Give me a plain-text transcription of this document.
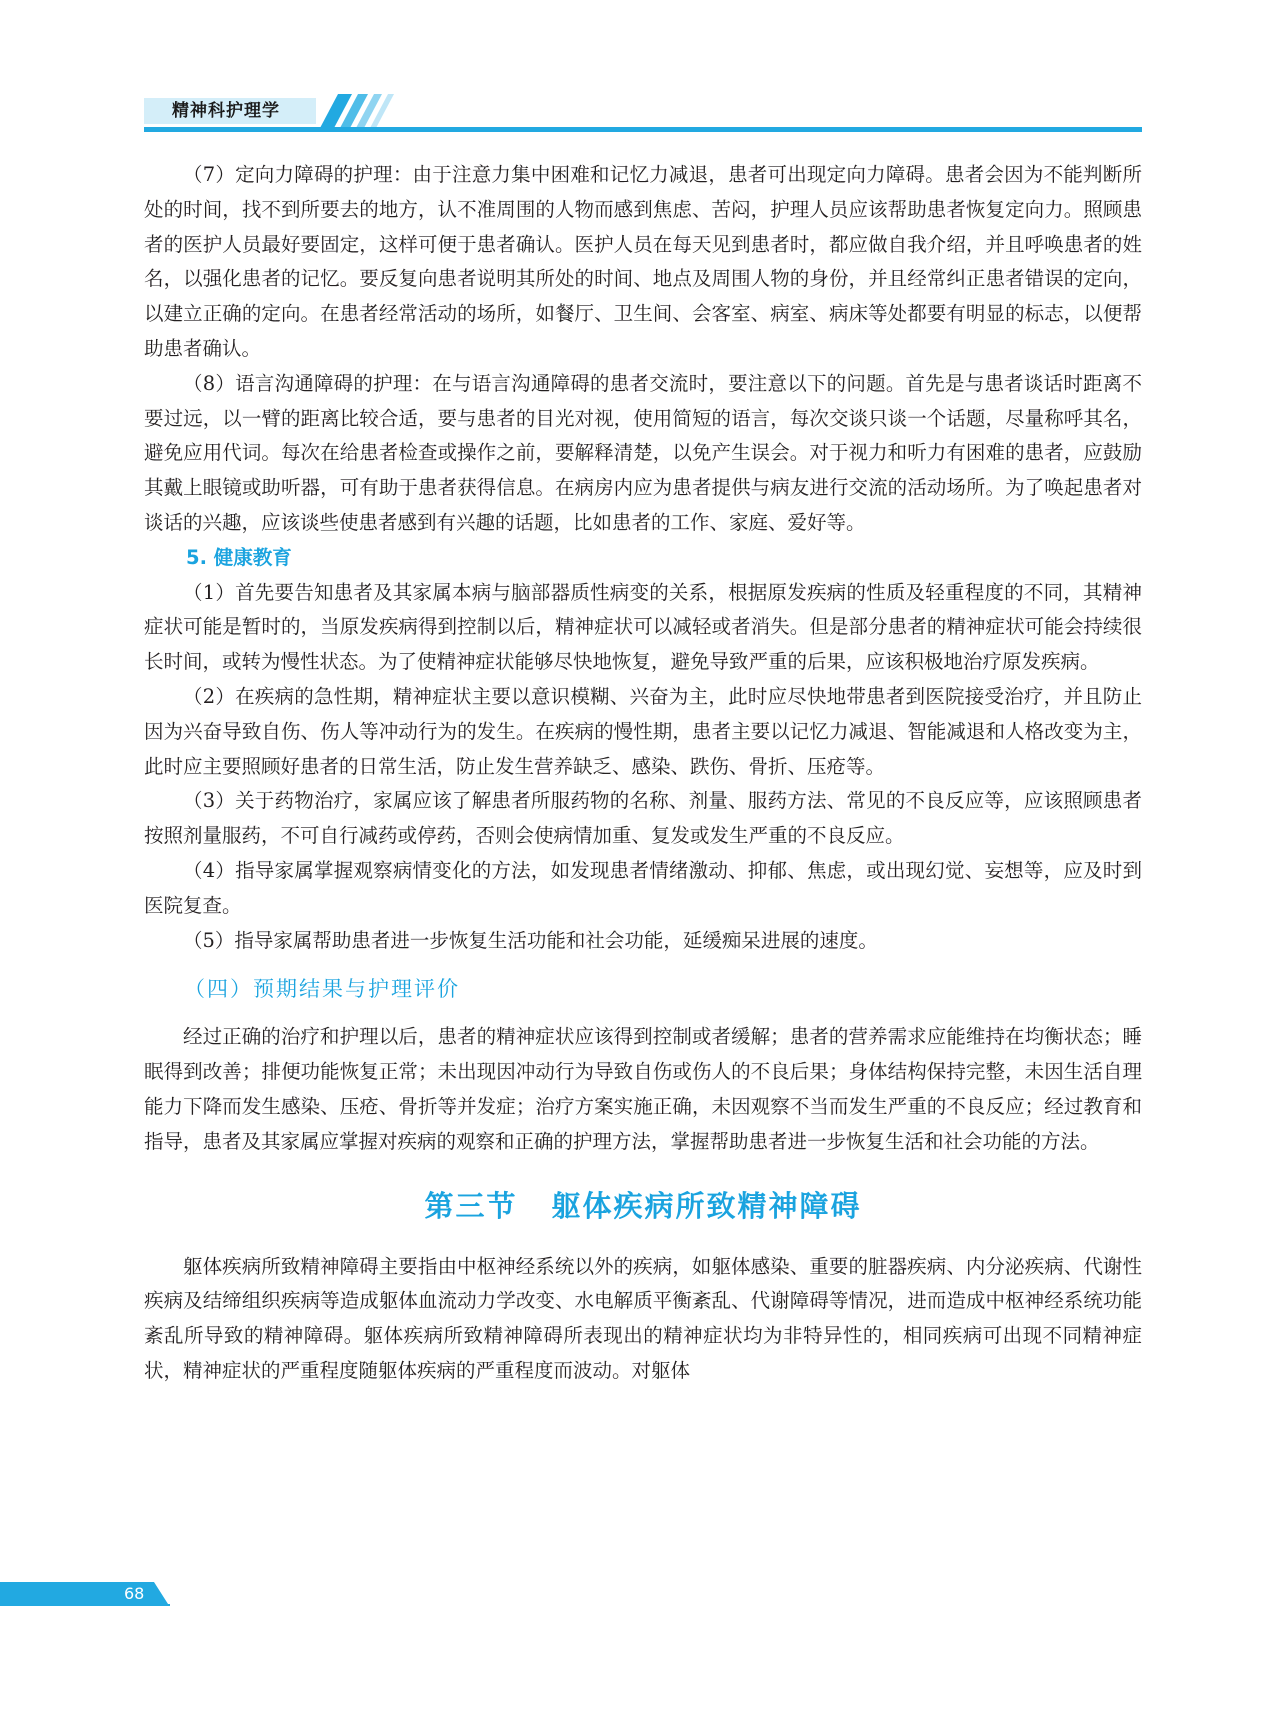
精神科护理学

（7）定向力障碍的护理：由于注意力集中困难和记忆力减退，患者可出现定向力障碍。患者会因为不能判断所处的时间，找不到所要去的地方，认不准周围的人物而感到焦虑、苦闷，护理人员应该帮助患者恢复定向力。照顾患者的医护人员最好要固定，这样可便于患者确认。医护人员在每天见到患者时，都应做自我介绍，并且呼唤患者的姓名，以强化患者的记忆。要反复向患者说明其所处的时间、地点及周围人物的身份，并且经常纠正患者错误的定向，以建立正确的定向。在患者经常活动的场所，如餐厅、卫生间、会客室、病室、病床等处都要有明显的标志，以便帮助患者确认。

（8）语言沟通障碍的护理：在与语言沟通障碍的患者交流时，要注意以下的问题。首先是与患者谈话时距离不要过远，以一臂的距离比较合适，要与患者的目光对视，使用简短的语言，每次交谈只谈一个话题，尽量称呼其名，避免应用代词。每次在给患者检查或操作之前，要解释清楚，以免产生误会。对于视力和听力有困难的患者，应鼓励其戴上眼镜或助听器，可有助于患者获得信息。在病房内应为患者提供与病友进行交流的活动场所。为了唤起患者对谈话的兴趣，应该谈些使患者感到有兴趣的话题，比如患者的工作、家庭、爱好等。

5. 健康教育

（1）首先要告知患者及其家属本病与脑部器质性病变的关系，根据原发疾病的性质及轻重程度的不同，其精神症状可能是暂时的，当原发疾病得到控制以后，精神症状可以减轻或者消失。但是部分患者的精神症状可能会持续很长时间，或转为慢性状态。为了使精神症状能够尽快地恢复，避免导致严重的后果，应该积极地治疗原发疾病。

（2）在疾病的急性期，精神症状主要以意识模糊、兴奋为主，此时应尽快地带患者到医院接受治疗，并且防止因为兴奋导致自伤、伤人等冲动行为的发生。在疾病的慢性期，患者主要以记忆力减退、智能减退和人格改变为主，此时应主要照顾好患者的日常生活，防止发生营养缺乏、感染、跌伤、骨折、压疮等。

（3）关于药物治疗，家属应该了解患者所服药物的名称、剂量、服药方法、常见的不良反应等，应该照顾患者按照剂量服药，不可自行减药或停药，否则会使病情加重、复发或发生严重的不良反应。

（4）指导家属掌握观察病情变化的方法，如发现患者情绪激动、抑郁、焦虑，或出现幻觉、妄想等，应及时到医院复查。

（5）指导家属帮助患者进一步恢复生活功能和社会功能，延缓痴呆进展的速度。

（四）预期结果与护理评价

经过正确的治疗和护理以后，患者的精神症状应该得到控制或者缓解；患者的营养需求应能维持在均衡状态；睡眠得到改善；排便功能恢复正常；未出现因冲动行为导致自伤或伤人的不良后果；身体结构保持完整，未因生活自理能力下降而发生感染、压疮、骨折等并发症；治疗方案实施正确，未因观察不当而发生严重的不良反应；经过教育和指导，患者及其家属应掌握对疾病的观察和正确的护理方法，掌握帮助患者进一步恢复生活和社会功能的方法。

第三节 躯体疾病所致精神障碍

躯体疾病所致精神障碍主要指由中枢神经系统以外的疾病，如躯体感染、重要的脏器疾病、内分泌疾病、代谢性疾病及结缔组织疾病等造成躯体血流动力学改变、水电解质平衡紊乱、代谢障碍等情况，进而造成中枢神经系统功能紊乱所导致的精神障碍。躯体疾病所致精神障碍所表现出的精神症状均为非特异性的，相同疾病可出现不同精神症状，精神症状的严重程度随躯体疾病的严重程度而波动。对躯体

68
